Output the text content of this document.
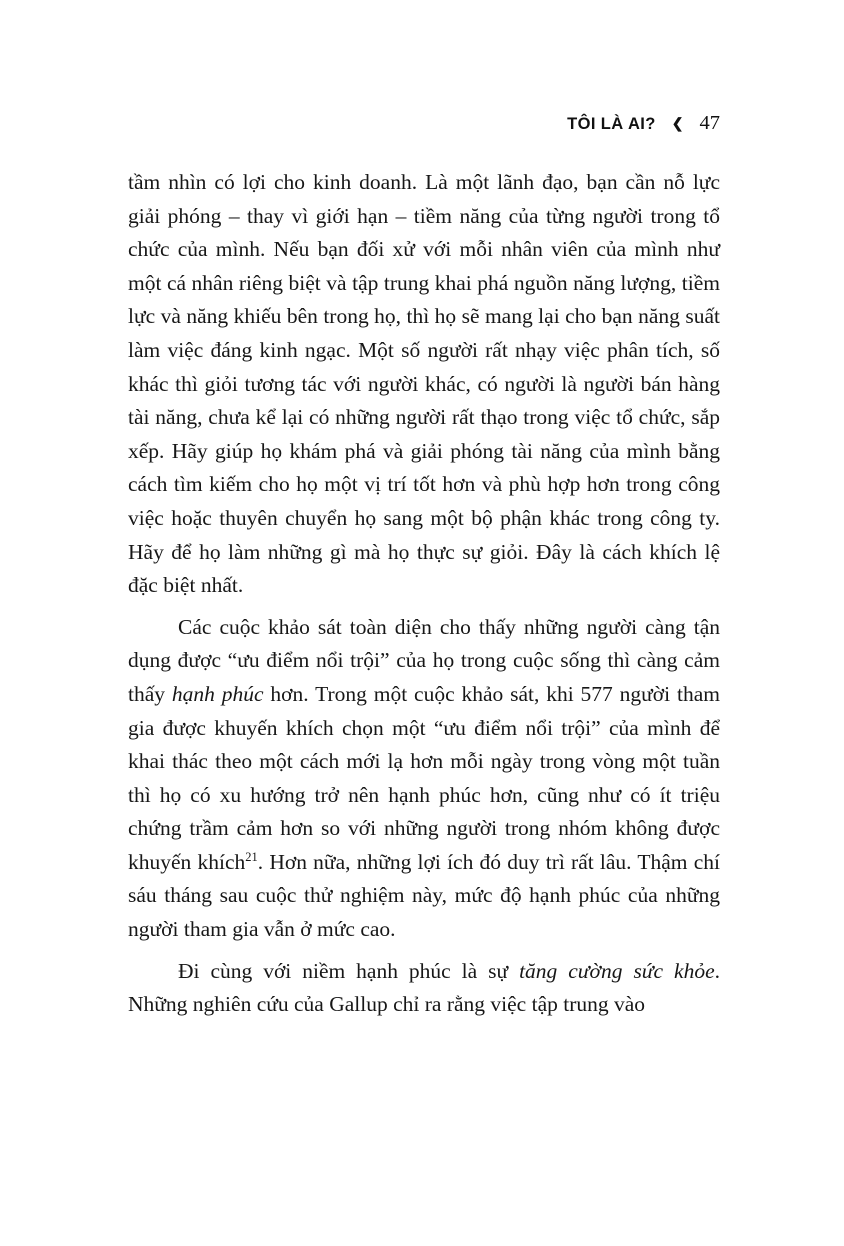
TÔI LÀ AI? ❮ 47

tầm nhìn có lợi cho kinh doanh. Là một lãnh đạo, bạn cần nỗ lực giải phóng – thay vì giới hạn – tiềm năng của từng người trong tổ chức của mình. Nếu bạn đối xử với mỗi nhân viên của mình như một cá nhân riêng biệt và tập trung khai phá nguồn năng lượng, tiềm lực và năng khiếu bên trong họ, thì họ sẽ mang lại cho bạn năng suất làm việc đáng kinh ngạc. Một số người rất nhạy việc phân tích, số khác thì giỏi tương tác với người khác, có người là người bán hàng tài năng, chưa kể lại có những người rất thạo trong việc tổ chức, sắp xếp. Hãy giúp họ khám phá và giải phóng tài năng của mình bằng cách tìm kiếm cho họ một vị trí tốt hơn và phù hợp hơn trong công việc hoặc thuyên chuyển họ sang một bộ phận khác trong công ty. Hãy để họ làm những gì mà họ thực sự giỏi. Đây là cách khích lệ đặc biệt nhất.

Các cuộc khảo sát toàn diện cho thấy những người càng tận dụng được “ưu điểm nổi trội” của họ trong cuộc sống thì càng cảm thấy hạnh phúc hơn. Trong một cuộc khảo sát, khi 577 người tham gia được khuyến khích chọn một “ưu điểm nổi trội” của mình để khai thác theo một cách mới lạ hơn mỗi ngày trong vòng một tuần thì họ có xu hướng trở nên hạnh phúc hơn, cũng như có ít triệu chứng trầm cảm hơn so với những người trong nhóm không được khuyến khích$^{21}$. Hơn nữa, những lợi ích đó duy trì rất lâu. Thậm chí sáu tháng sau cuộc thử nghiệm này, mức độ hạnh phúc của những người tham gia vẫn ở mức cao.

Đi cùng với niềm hạnh phúc là sự tăng cường sức khỏe. Những nghiên cứu của Gallup chỉ ra rằng việc tập trung vào
